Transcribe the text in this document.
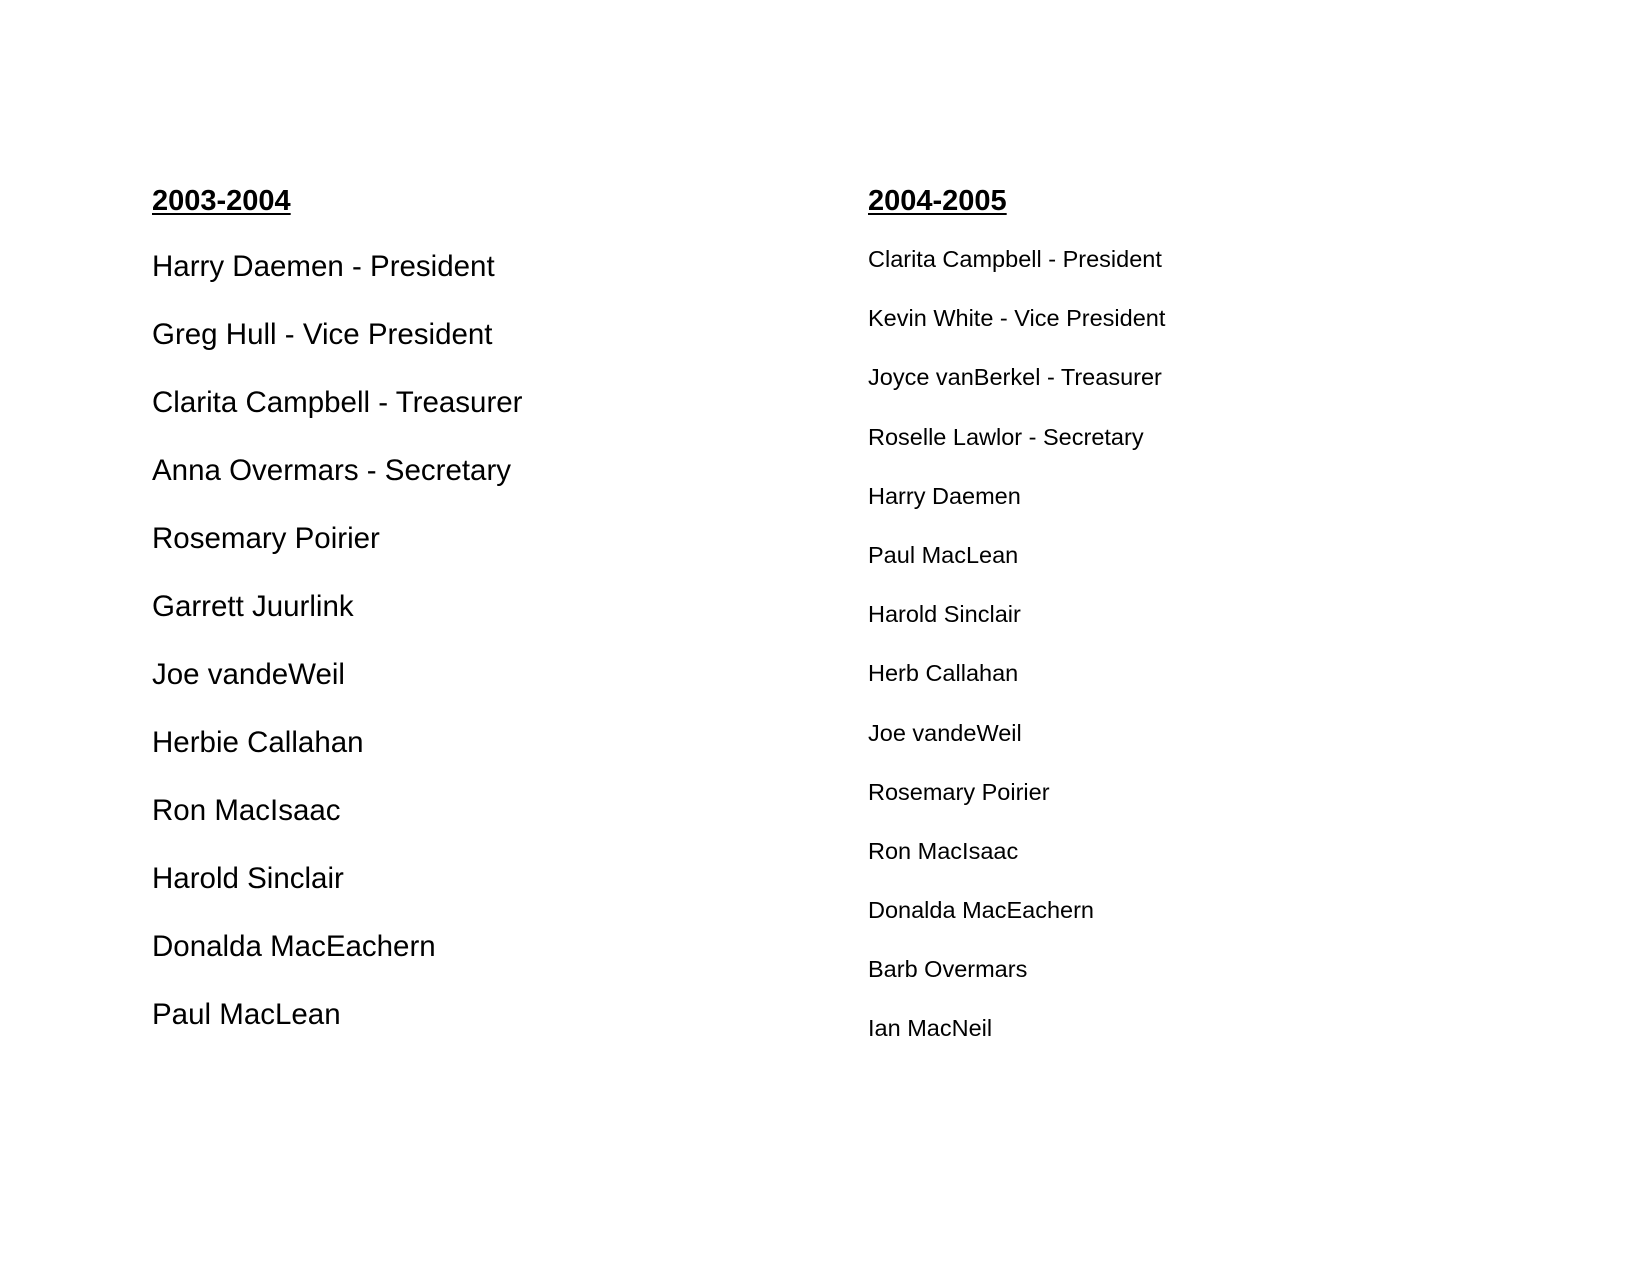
2003-2004
Harry Daemen - President
Greg Hull - Vice President
Clarita Campbell - Treasurer
Anna Overmars - Secretary
Rosemary Poirier
Garrett Juurlink
Joe vandeWeil
Herbie Callahan
Ron MacIsaac
Harold Sinclair
Donalda MacEachern
Paul MacLean
2004-2005
Clarita Campbell - President
Kevin White - Vice President
Joyce vanBerkel - Treasurer
Roselle Lawlor - Secretary
Harry Daemen
Paul MacLean
Harold Sinclair
Herb Callahan
Joe vandeWeil
Rosemary Poirier
Ron MacIsaac
Donalda MacEachern
Barb Overmars
Ian MacNeil
